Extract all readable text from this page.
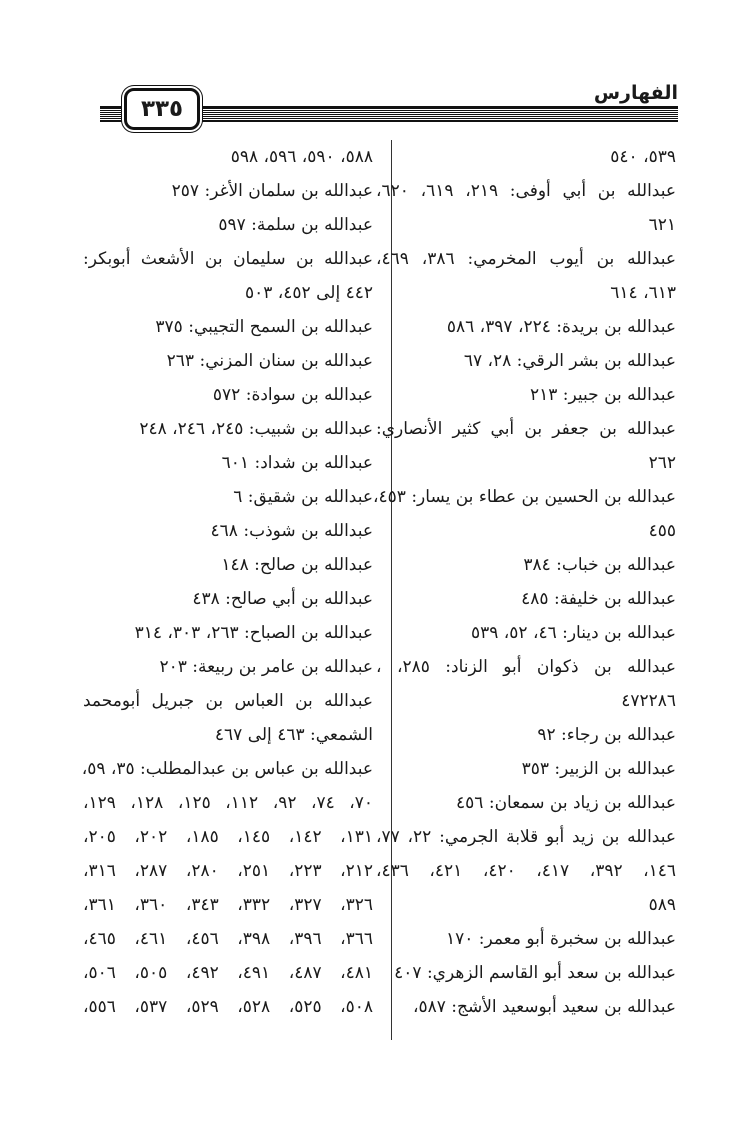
٣٣٥
الفهارس
٥٣٩، ٥٤٠
عبدالله بن أبي أوفى: ٢١٩، ٦١٩، ٦٢٠،
٦٢١
عبدالله بن أيوب المخرمي: ٣٨٦، ٤٦٩،
٦١٣، ٦١٤
عبدالله بن بريدة: ٢٢٤، ٣٩٧، ٥٨٦
عبدالله بن بشر الرقي: ٢٨، ٦٧
عبدالله بن جبير: ٢١٣
عبدالله بن جعفر بن أبي كثير الأنصاري:
٢٦٢
عبدالله بن الحسين بن عطاء بن يسار: ٤٥٣،
٤٥٥
عبدالله بن خباب: ٣٨٤
عبدالله بن خليفة: ٤٨٥
عبدالله بن دينار: ٤٦، ٥٢، ٥٣٩
عبدالله بن ذكوان أبو الزناد: ٢٨٥، ،
٤٧٢٢٨٦
عبدالله بن رجاء: ٩٢
عبدالله بن الزبير: ٣٥٣
عبدالله بن زياد بن سمعان: ٤٥٦
عبدالله بن زيد أبو قلابة الجرمي: ٢٢، ٧٧،
١٤٦، ٣٩٢، ٤١٧، ٤٢٠، ٤٢١، ٤٣٦،
٥٨٩
عبدالله بن سخبرة أبو معمر: ١٧٠
عبدالله بن سعد أبو القاسم الزهري: ٤٠٧
عبدالله بن سعيد أبوسعيد الأشج: ٥٨٧،
٥٨٨، ٥٩٠، ٥٩٦، ٥٩٨
عبدالله بن سلمان الأغر: ٢٥٧
عبدالله بن سلمة: ٥٩٧
عبدالله بن سليمان بن الأشعث أبوبكر:
٤٤٢ إلى ٤٥٢، ٥٠٣
عبدالله بن السمح التجيبي: ٣٧٥
عبدالله بن سنان المزني: ٢٦٣
عبدالله بن سوادة: ٥٧٢
عبدالله بن شبيب: ٢٤٥، ٢٤٦، ٢٤٨
عبدالله بن شداد: ٦٠١
عبدالله بن شقيق: ٦
عبدالله بن شوذب: ٤٦٨
عبدالله بن صالح: ١٤٨
عبدالله بن أبي صالح: ٤٣٨
عبدالله بن الصباح: ٢٦٣، ٣٠٣، ٣١٤
عبدالله بن عامر بن ربيعة: ٢٠٣
عبدالله بن العباس بن جبريل أبومحمد
الشمعي: ٤٦٣ إلى ٤٦٧
عبدالله بن عباس بن عبدالمطلب: ٣٥، ٥٩،
٧٠، ٧٤، ٩٢، ١١٢، ١٢٥، ١٢٨، ١٢٩،
١٣١، ١٤٢، ١٤٥، ١٨٥، ٢٠٢، ٢٠٥،
٢١٢، ٢٢٣، ٢٥١، ٢٨٠، ٢٨٧، ٣١٦،
٣٢٦، ٣٢٧، ٣٣٢، ٣٤٣، ٣٦٠، ٣٦١،
٣٦٦، ٣٩٦، ٣٩٨، ٤٥٦، ٤٦١، ٤٦٥،
٤٨١، ٤٨٧، ٤٩١، ٤٩٢، ٥٠٥، ٥٠٦،
٥٠٨، ٥٢٥، ٥٢٨، ٥٢٩، ٥٣٧، ٥٥٦،
